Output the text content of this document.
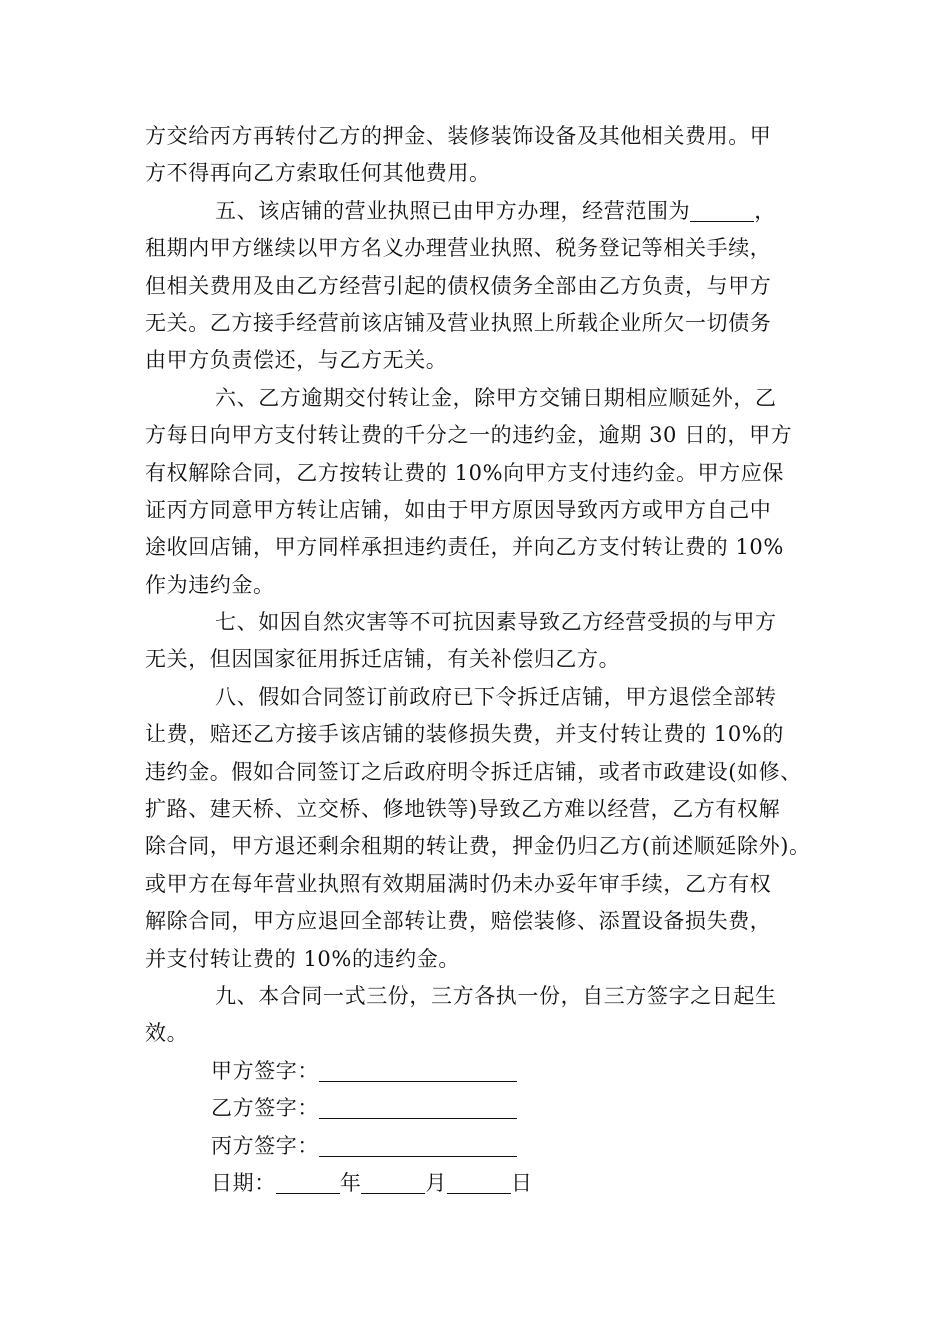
方交给丙方再转付乙方的押金、装修装饰设备及其他相关费用。甲
方不得再向乙方索取任何其他费用。
五、该店铺的营业执照已由甲方办理，经营范围为	，
租期内甲方继续以甲方名义办理营业执照、税务登记等相关手续，
但相关费用及由乙方经营引起的债权债务全部由乙方负责，与甲方
无关。乙方接手经营前该店铺及营业执照上所载企业所欠一切债务
由甲方负责偿还，与乙方无关。
六、乙方逾期交付转让金，除甲方交铺日期相应顺延外，乙
方每日向甲方支付转让费的千分之一的违约金，逾期 30 日的，甲方
有权解除合同，乙方按转让费的 10%向甲方支付违约金。甲方应保
证丙方同意甲方转让店铺，如由于甲方原因导致丙方或甲方自己中
途收回店铺，甲方同样承担违约责任，并向乙方支付转让费的 10%
作为违约金。
七、如因自然灾害等不可抗因素导致乙方经营受损的与甲方
无关，但因国家征用拆迁店铺，有关补偿归乙方。
八、假如合同签订前政府已下令拆迁店铺，甲方退偿全部转
让费，赔还乙方接手该店铺的装修损失费，并支付转让费的 10%的
违约金。假如合同签订之后政府明令拆迁店铺，或者市政建设(如修、
扩路、建天桥、立交桥、修地铁等)导致乙方难以经营，乙方有权解
除合同，甲方退还剩余租期的转让费，押金仍归乙方(前述顺延除外)。
或甲方在每年营业执照有效期届满时仍未办妥年审手续，乙方有权
解除合同，甲方应退回全部转让费，赔偿装修、添置设备损失费，
并支付转让费的 10%的违约金。
九、本合同一式三份，三方各执一份，自三方签字之日起生
效。
甲方签字：
乙方签字：
丙方签字：
日期：	年	月	日
